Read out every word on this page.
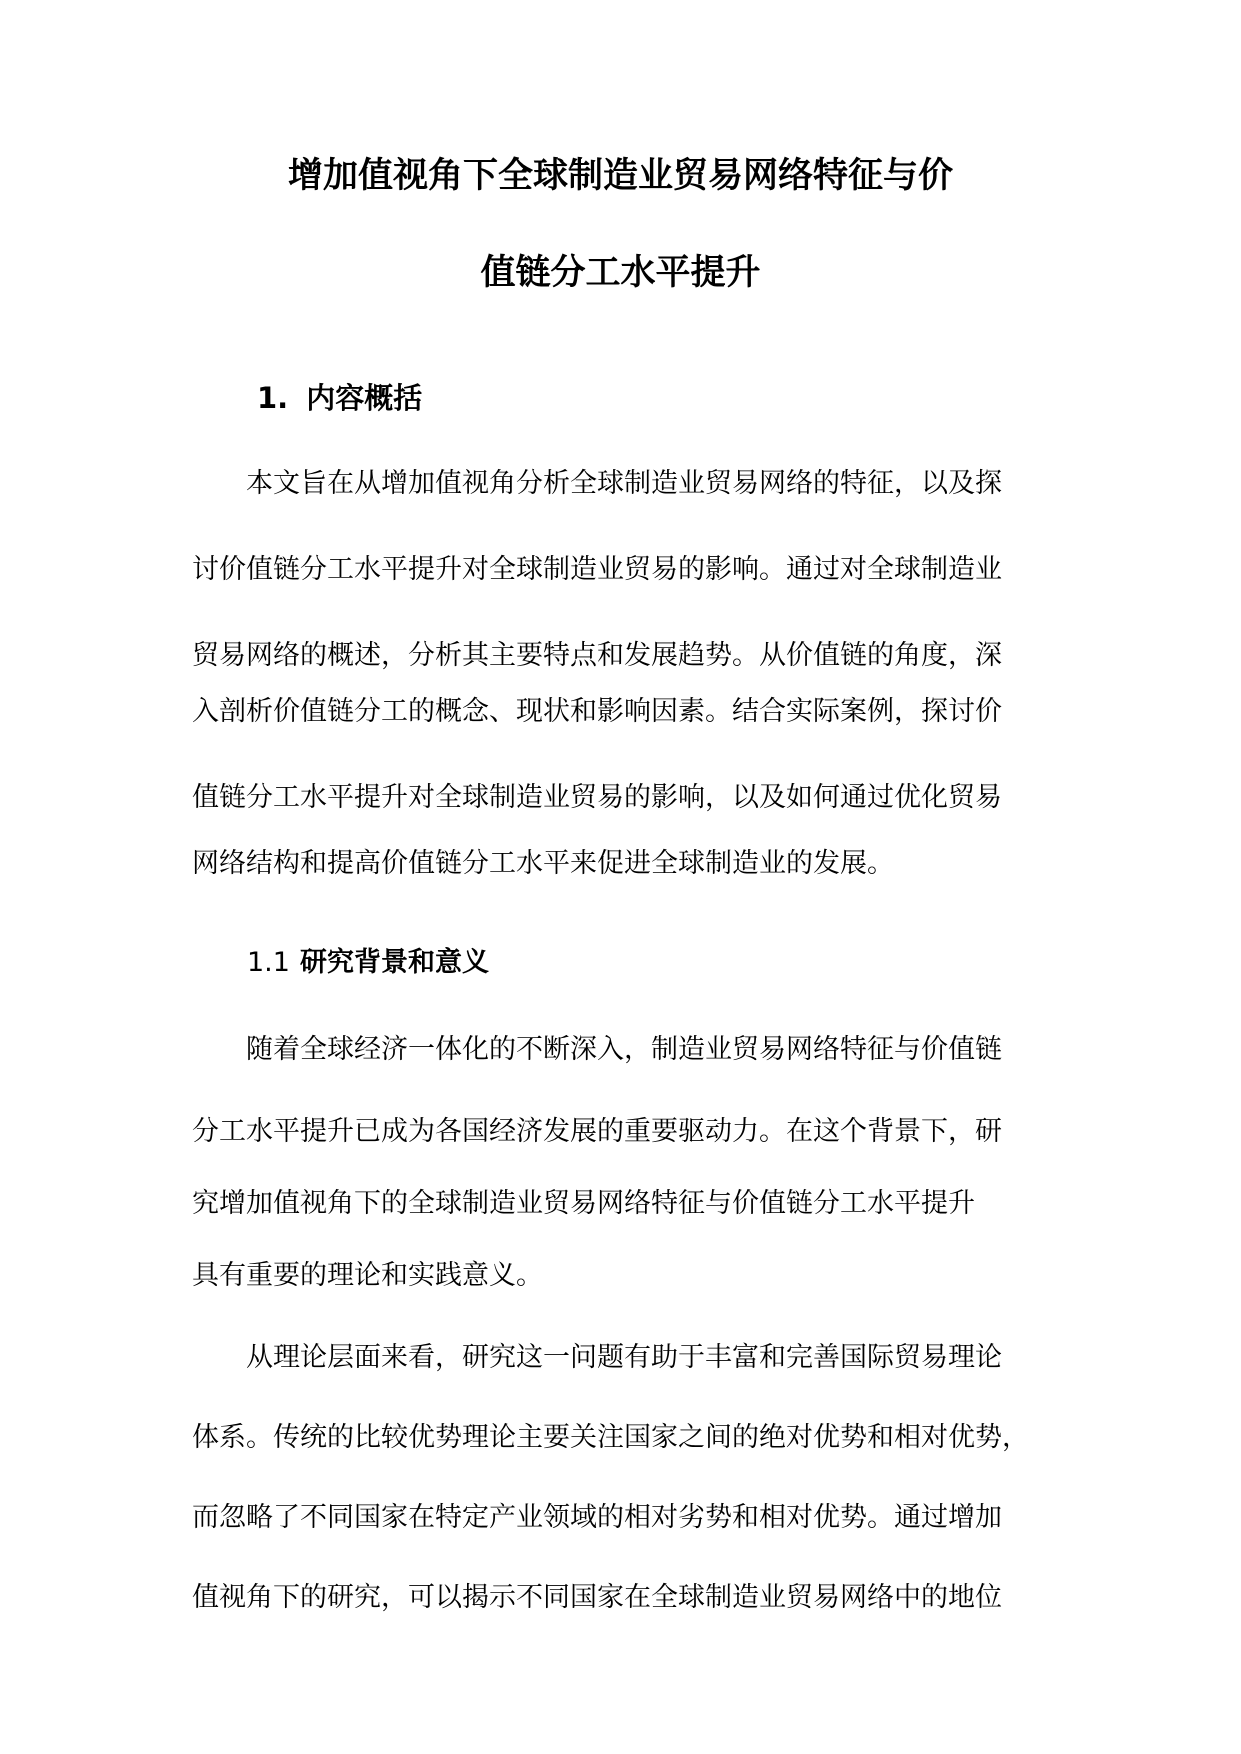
增加值视角下全球制造业贸易网络特征与价
值链分工水平提升
1. 内容概括
本文旨在从增加值视角分析全球制造业贸易网络的特征，以及探
讨价值链分工水平提升对全球制造业贸易的影响。通过对全球制造业
贸易网络的概述，分析其主要特点和发展趋势。从价值链的角度，深
入剖析价值链分工的概念、现状和影响因素。结合实际案例，探讨价
值链分工水平提升对全球制造业贸易的影响，以及如何通过优化贸易
网络结构和提高价值链分工水平来促进全球制造业的发展。
1.1 研究背景和意义
随着全球经济一体化的不断深入，制造业贸易网络特征与价值链
分工水平提升已成为各国经济发展的重要驱动力。在这个背景下，研
究增加值视角下的全球制造业贸易网络特征与价值链分工水平提升
具有重要的理论和实践意义。
从理论层面来看，研究这一问题有助于丰富和完善国际贸易理论
体系。传统的比较优势理论主要关注国家之间的绝对优势和相对优势，
而忽略了不同国家在特定产业领域的相对劣势和相对优势。通过增加
值视角下的研究，可以揭示不同国家在全球制造业贸易网络中的地位
